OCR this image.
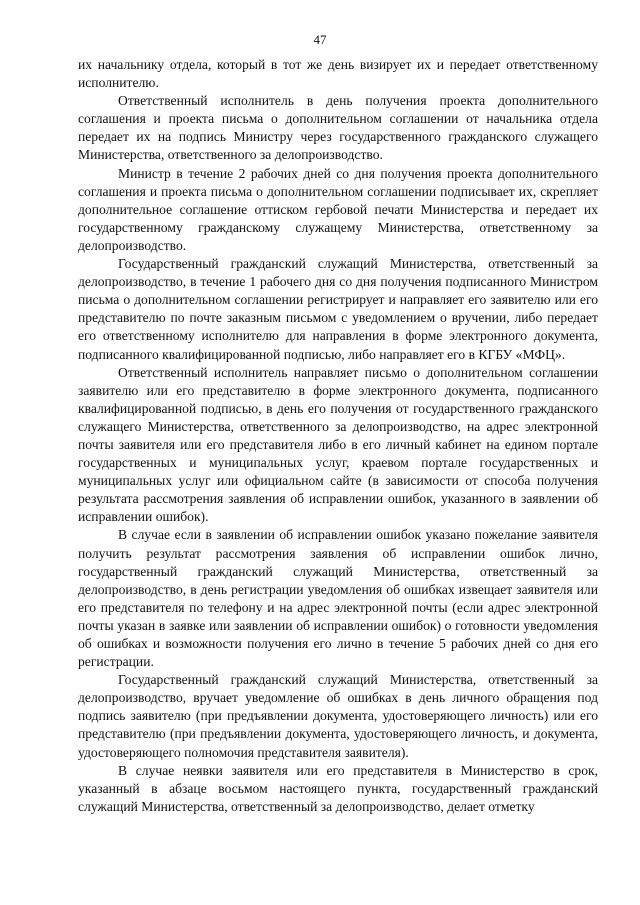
47

их начальнику отдела, который в тот же день визирует их и передает ответственному исполнителю.

Ответственный исполнитель в день получения проекта дополнительного соглашения и проекта письма о дополнительном соглашении от начальника отдела передает их на подпись Министру через государственного гражданского служащего Министерства, ответственного за делопроизводство.

Министр в течение 2 рабочих дней со дня получения проекта дополнительного соглашения и проекта письма о дополнительном соглашении подписывает их, скрепляет дополнительное соглашение оттиском гербовой печати Министерства и передает их государственному гражданскому служащему Министерства, ответственному за делопроизводство.

Государственный гражданский служащий Министерства, ответственный за делопроизводство, в течение 1 рабочего дня со дня получения подписанного Министром письма о дополнительном соглашении регистрирует и направляет его заявителю или его представителю по почте заказным письмом с уведомлением о вручении, либо передает его ответственному исполнителю для направления в форме электронного документа, подписанного квалифицированной подписью, либо направляет его в КГБУ «МФЦ».

Ответственный исполнитель направляет письмо о дополнительном соглашении заявителю или его представителю в форме электронного документа, подписанного квалифицированной подписью, в день его получения от государственного гражданского служащего Министерства, ответственного за делопроизводство, на адрес электронной почты заявителя или его представителя либо в его личный кабинет на едином портале государственных и муниципальных услуг, краевом портале государственных и муниципальных услуг или официальном сайте (в зависимости от способа получения результата рассмотрения заявления об исправлении ошибок, указанного в заявлении об исправлении ошибок).

В случае если в заявлении об исправлении ошибок указано пожелание заявителя получить результат рассмотрения заявления об исправлении ошибок лично, государственный гражданский служащий Министерства, ответственный за делопроизводство, в день регистрации уведомления об ошибках извещает заявителя или его представителя по телефону и на адрес электронной почты (если адрес электронной почты указан в заявке или заявлении об исправлении ошибок) о готовности уведомления об ошибках и возможности получения его лично в течение 5 рабочих дней со дня его регистрации.

Государственный гражданский служащий Министерства, ответственный за делопроизводство, вручает уведомление об ошибках в день личного обращения под подпись заявителю (при предъявлении документа, удостоверяющего личность) или его представителю (при предъявлении документа, удостоверяющего личность, и документа, удостоверяющего полномочия представителя заявителя).

В случае неявки заявителя или его представителя в Министерство в срок, указанный в абзаце восьмом настоящего пункта, государственный гражданский служащий Министерства, ответственный за делопроизводство, делает отметку
